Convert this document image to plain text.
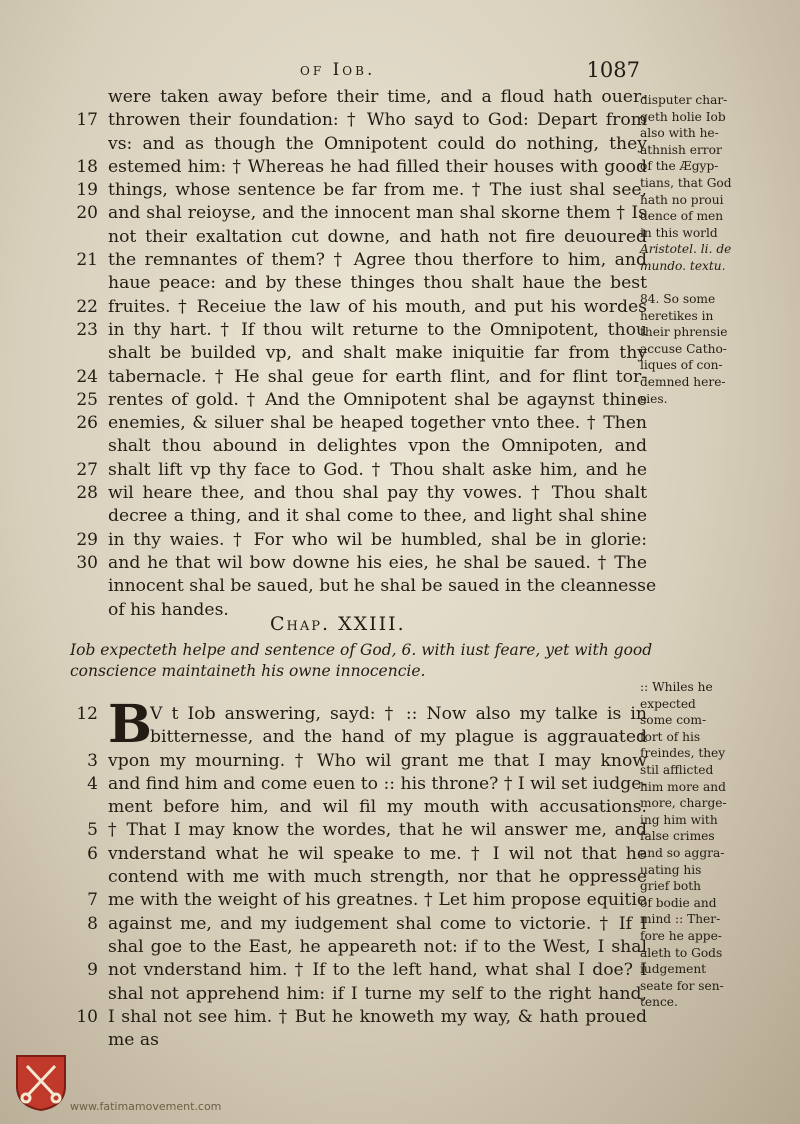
of Iob.	1087
were taken away before their time, and a floud hath ouer-
17 throwen their foundation: † Who sayd to God: Depart from
vs: and as though the Omnipotent could do nothing, they
18 estemed him: † Whereas he had filled their houses with good
19 things, whose sentence be far from me. † The iust shal see,
20 and shal reioyse, and the innocent man shal skorne them † Is
not their exaltation cut downe, and hath not fire deuoured
21 the remnantes of them? † Agree thou therfore to him, and
haue peace: and by these thinges thou shalt haue the best
22 fruites. † Receiue the law of his mouth, and put his wordes
23 in thy hart. † If thou wilt returne to the Omnipotent, thou
shalt be builded vp, and shalt make iniquitie far from thy
24 tabernacle. † He shal geue for earth flint, and for flint tor-
25 rentes of gold. † And the Omnipotent shal be agaynst thine
26 enemies, & siluer shal be heaped together vnto thee. † Then
shalt thou abound in delightes vpon the Omnipoten, and
27 shalt lift vp thy face to God. † Thou shalt aske him, and he
28 wil heare thee, and thou shal pay thy vowes. † Thou shalt
decree a thing, and it shal come to thee, and light shal shine
29 in thy waies. † For who wil be humbled, shal be in glorie:
30 and he that wil bow downe his eies, he shal be saued. † The
innocent shal be saued, but he shal be saued in the cleannesse
of his handes.
Chap. XXIII.
Iob expecteth helpe and sentence of God, 6. with iust feare, yet with good
conscience maintaineth his owne innocencie.
B
12	V t Iob answering, sayd: † :: Now also my talke is in
bitternesse, and the hand of my plague is aggrauated
3 vpon my mourning. † Who wil grant me that I may know
4 and find him and come euen to :: his throne? † I wil set iudge-
ment before him, and wil fil my mouth with accusations.
5 † That I may know the wordes, that he wil answer me, and
6 vnderstand what he wil speake to me. † I wil not that he
contend with me with much strength, nor that he oppresse
7 me with the weight of his greatnes. † Let him propose equitie
8 against me, and my iudgement shal come to victorie. † If I
shal goe to the East, he appeareth not: if to the West, I shal
9 not vnderstand him. † If to the left hand, what shal I doe? I
shal not apprehend him: if I turne my self to the right hand,
10 I shal not see him. † But he knoweth my way, & hath proued
me as
disputer char-
geth holie Iob
also with he-
athnish error
of the Ægyp-
tians, that God
hath no proui
dence of men
in this world
Aristotel. li. de
mundo. textu.
84. So some
heretikes in
their phrensie
accuse Catho-
liques of con-
demned here-
sies.
:: Whiles he
expected
some com-
fort of his
freindes, they
stil afflicted
him more and
more, charge-
ing him with
false crimes
and so aggra-
uating his
grief both
of bodie and
mind :: Ther-
fore he appe-
aleth to Gods
iudgement
seate for sen-
tence.
www.fatimamovement.com
